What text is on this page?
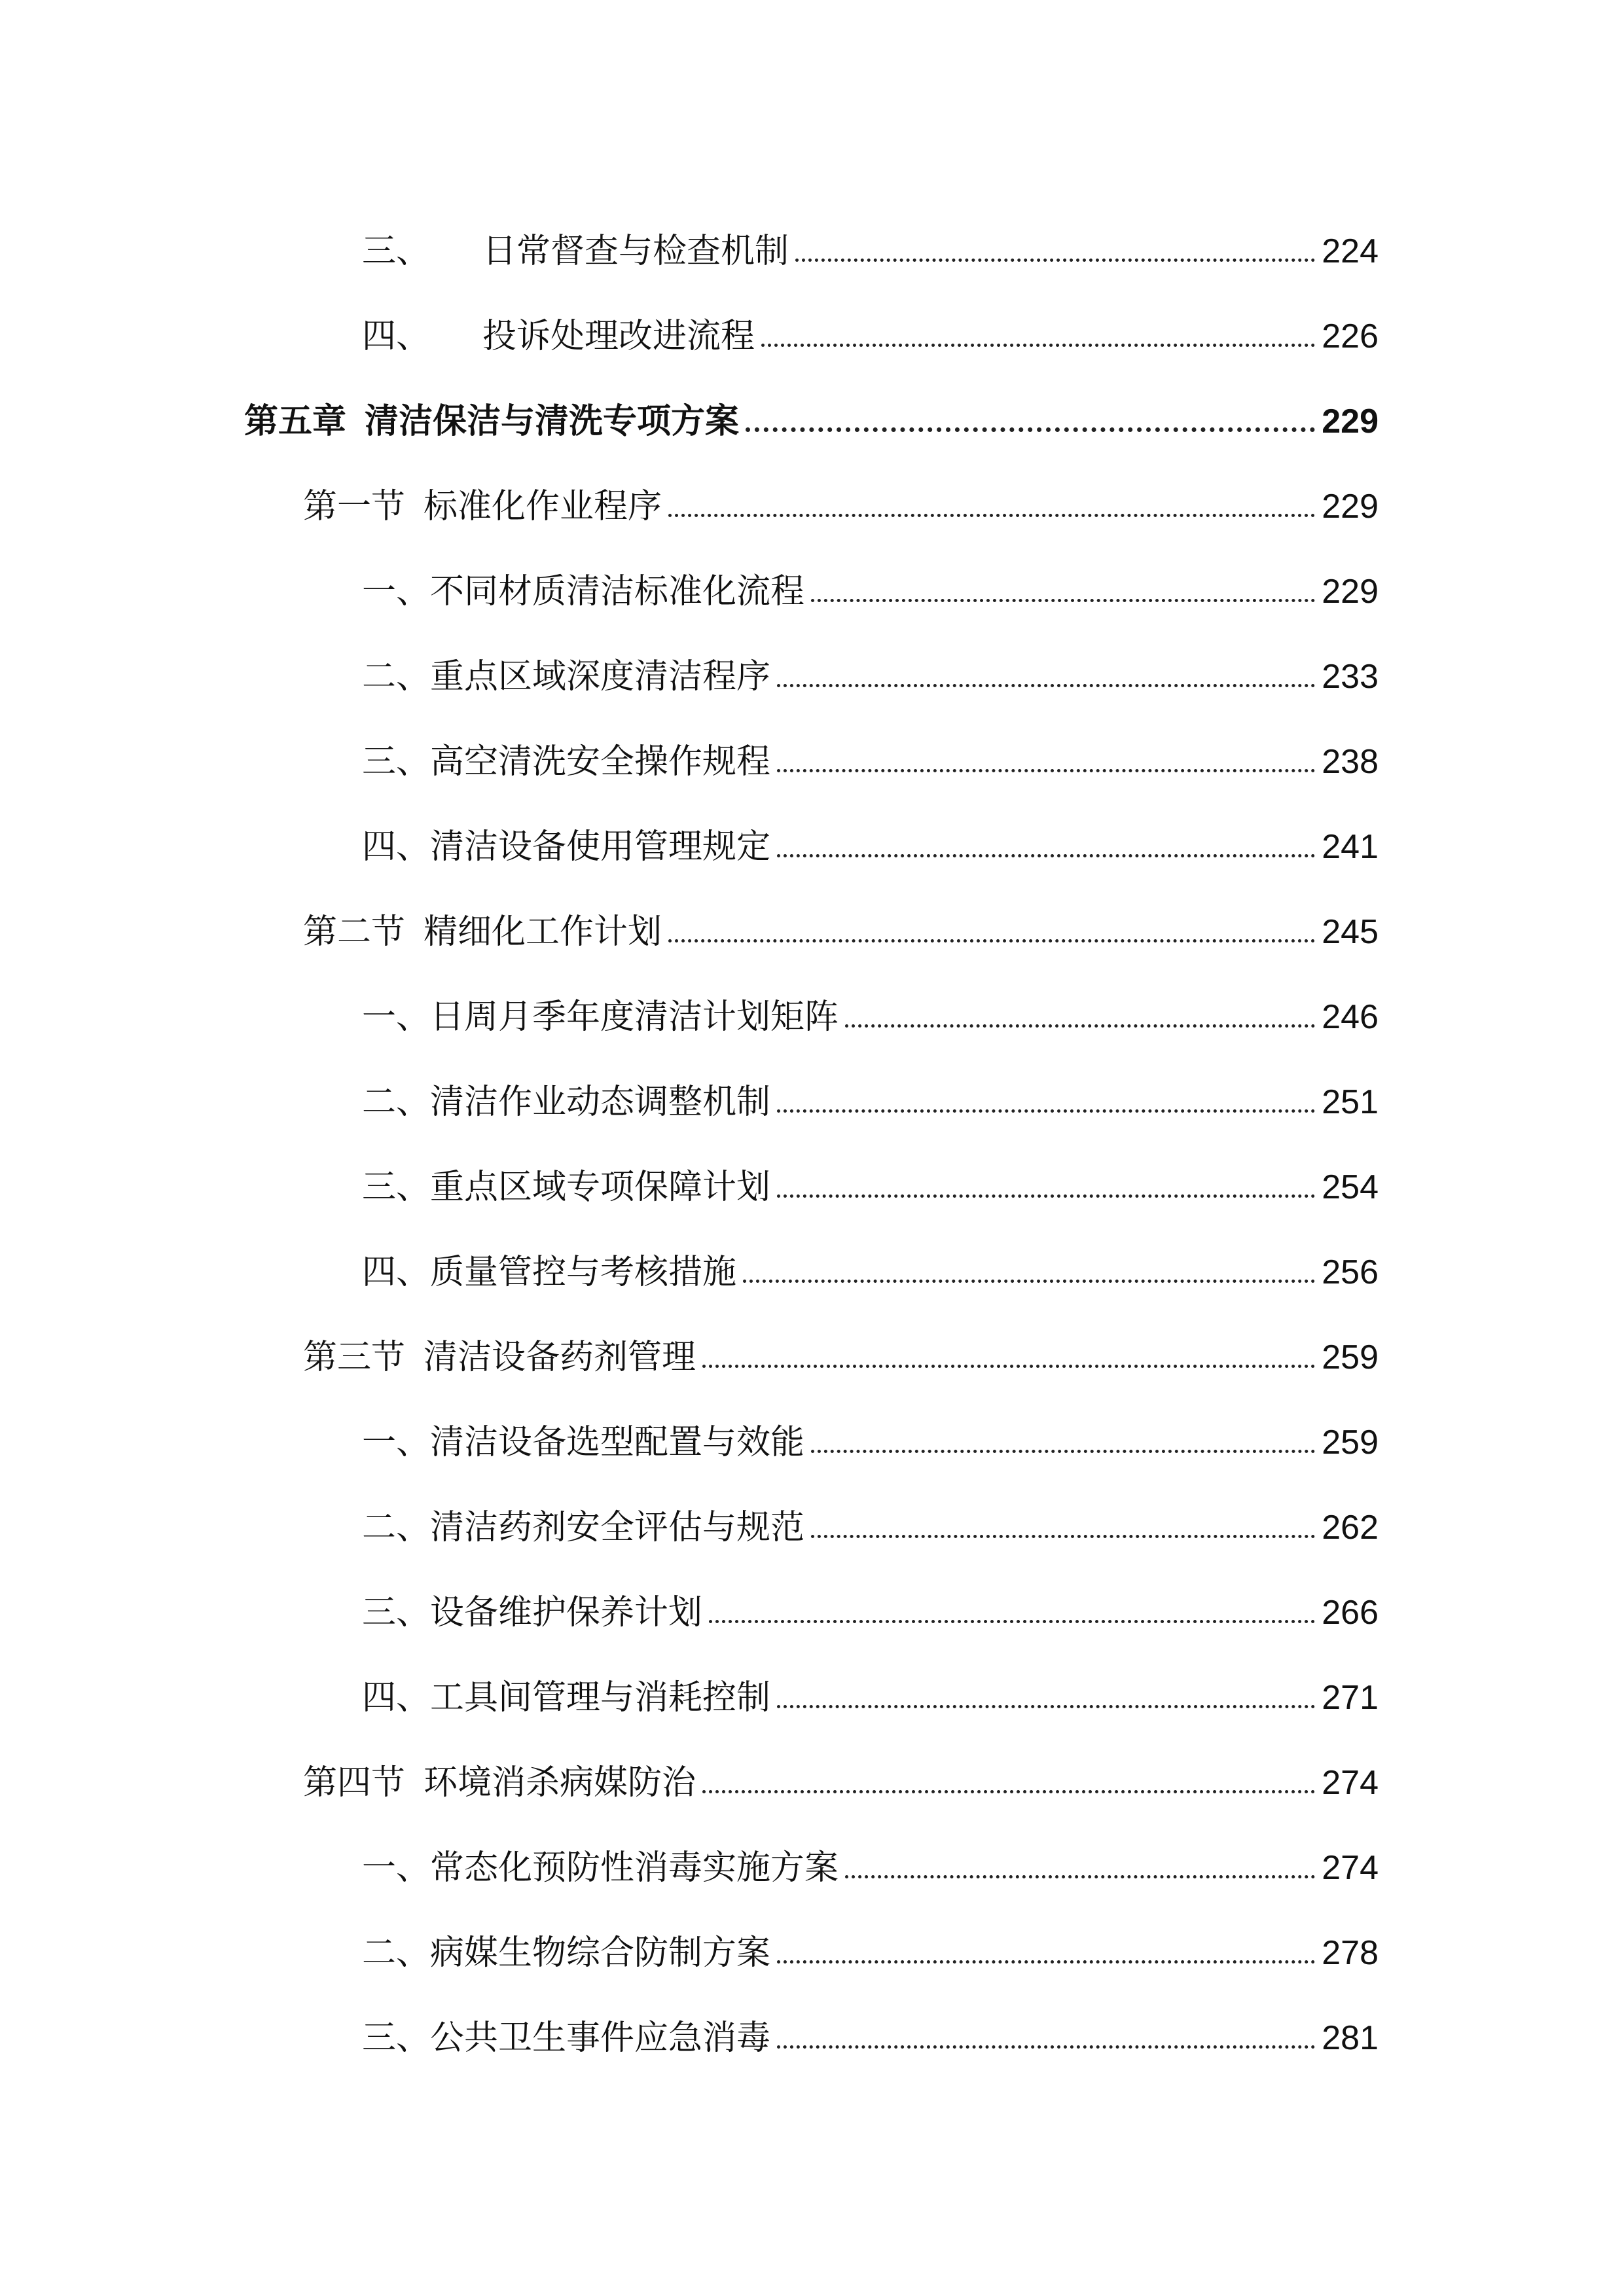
三、 日常督查与检查机制	224
四、 投诉处理改进流程	226
第五章 清洁保洁与清洗专项方案	229
第一节 标准化作业程序	229
一、不同材质清洁标准化流程	229
二、重点区域深度清洁程序	233
三、高空清洗安全操作规程	238
四、清洁设备使用管理规定	241
第二节 精细化工作计划	245
一、日周月季年度清洁计划矩阵	246
二、清洁作业动态调整机制	251
三、重点区域专项保障计划	254
四、质量管控与考核措施	256
第三节 清洁设备药剂管理	259
一、清洁设备选型配置与效能	259
二、清洁药剂安全评估与规范	262
三、设备维护保养计划	266
四、工具间管理与消耗控制	271
第四节 环境消杀病媒防治	274
一、常态化预防性消毒实施方案	274
二、病媒生物综合防制方案	278
三、公共卫生事件应急消毒	281
